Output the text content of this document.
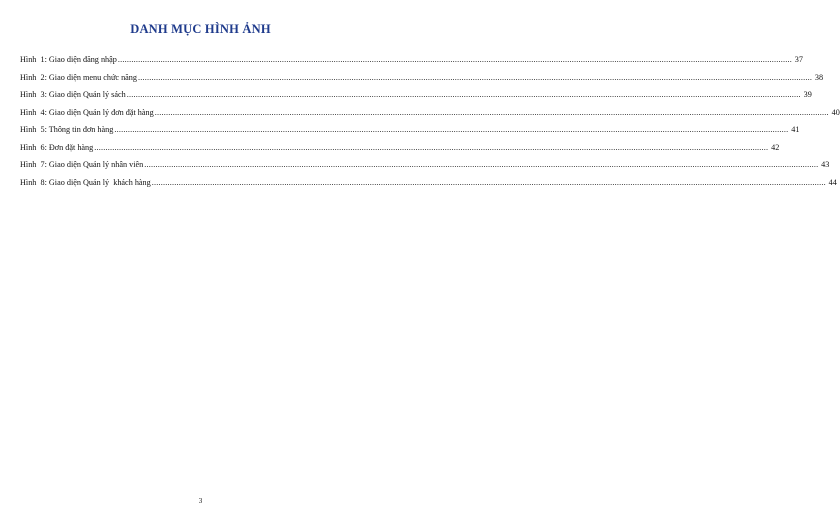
DANH MỤC HÌNH ẢNH
Hình  1: Giao diện đăng nhập ............................................................................................................................................................................................................................................................................................................ 37
Hình  2: Giao diện menu chức năng ............................................................................................................................................................................................................................................................................................................ 38
Hình  3: Giao diện Quản lý sách ............................................................................................................................................................................................................................................................................................................ 39
Hình  4: Giao diện Quản lý đơn đặt hàng ............................................................................................................................................................................................................................................................................................................ 40
Hình  5: Thông tin đơn hàng ............................................................................................................................................................................................................................................................................................................ 41
Hình  6: Đơn đặt hàng ............................................................................................................................................................................................................................................................................................................ 42
Hình  7: Giao diện Quản lý nhân viên ............................................................................................................................................................................................................................................................................................................ 43
Hình  8: Giao diện Quản lý  khách hàng ............................................................................................................................................................................................................................................................................................................ 44
3
